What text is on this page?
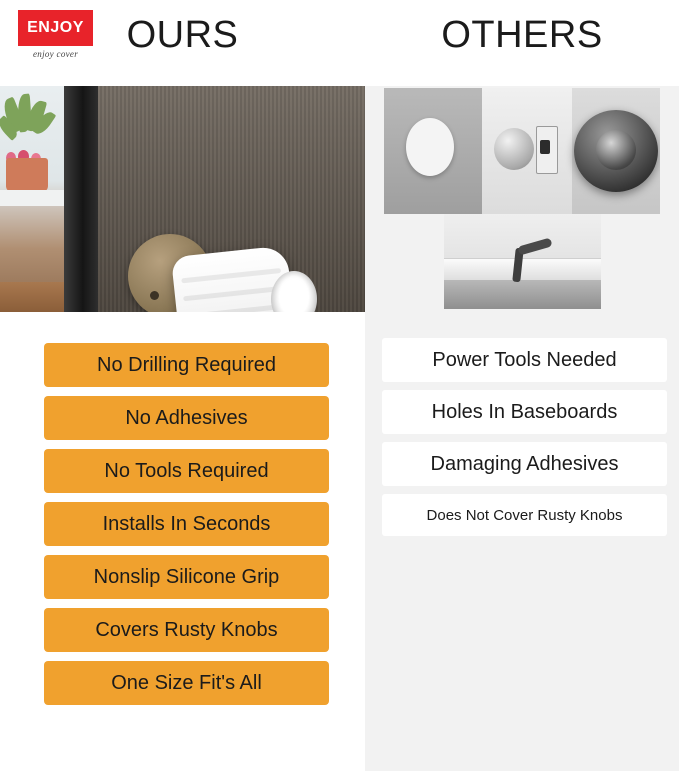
ENJOY
enjoy cover	OURS	OTHERS
No Drilling Required
No Adhesives
No Tools Required
Installs In Seconds
Nonslip Silicone Grip
Covers Rusty Knobs
One Size Fit's All
Power Tools Needed
Holes In Baseboards
Damaging Adhesives
Does Not Cover Rusty Knobs
